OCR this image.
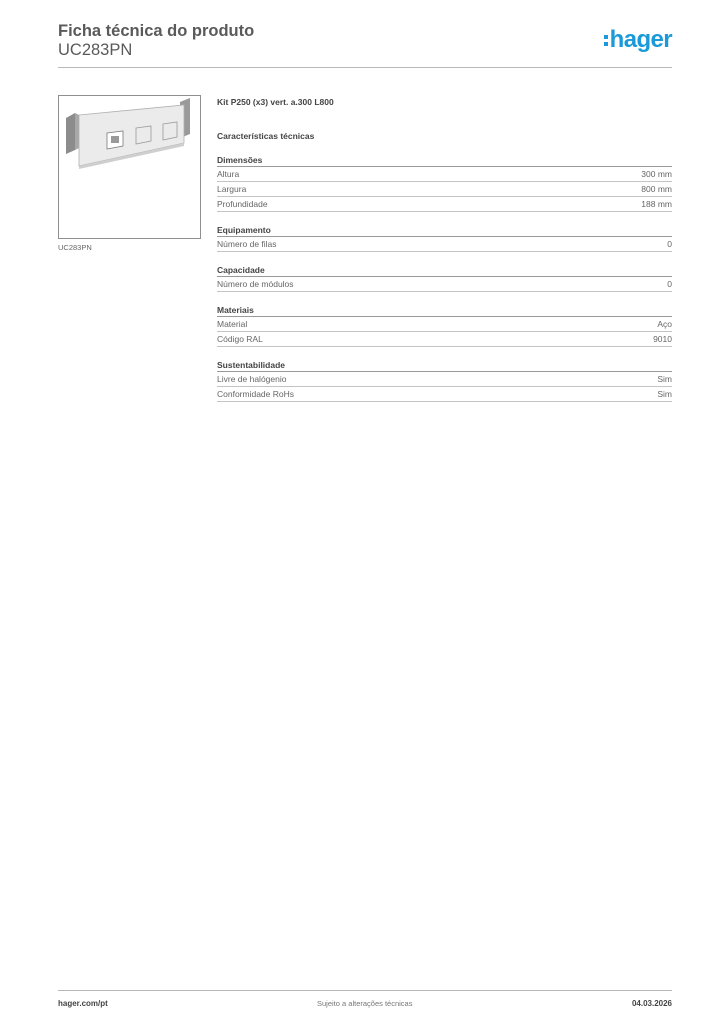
Ficha técnica do produto
UC283PN	hager
UC283PN
Kit P250 (x3) vert. a.300 L800
Características técnicas
Dimensões
Altura	300 mm
Largura	800 mm
Profundidade	188 mm
Equipamento
Número de filas	0
Capacidade
Número de módulos	0
Materiais
Material	Aço
Código RAL	9010
Sustentabilidade
Livre de halógenio	Sim
Conformidade RoHs	Sim
hager.com/pt	Sujeito a alterações técnicas	04.03.2026
